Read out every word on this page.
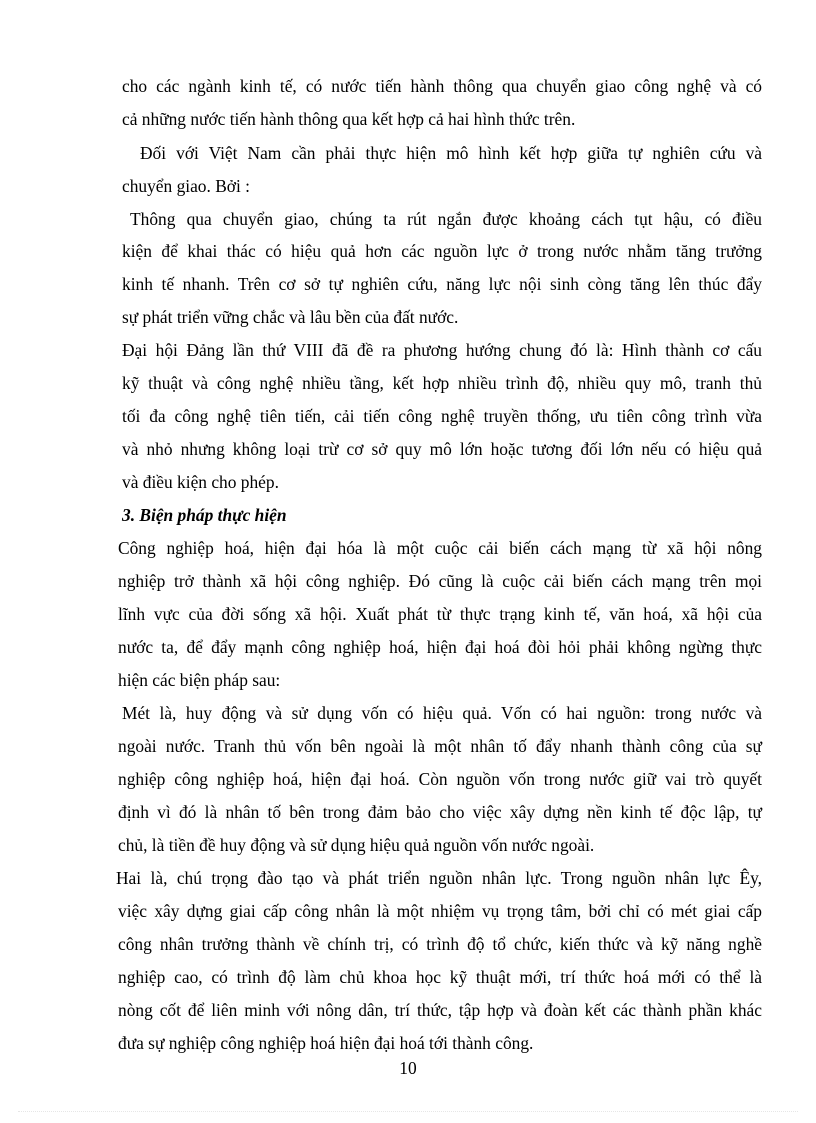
cho các ngành kinh tế, có nước tiến hành thông qua chuyển giao công nghệ và có
cả những nước tiến hành thông qua kết hợp cả hai hình thức trên.
Đối với Việt Nam cần phải thực hiện mô hình kết hợp giữa tự nghiên cứu và
chuyển giao. Bởi :
Thông qua chuyển giao, chúng ta rút ngắn được khoảng cách tụt hậu, có điều
kiện để khai thác có hiệu quả hơn các nguồn lực ở trong nước nhằm tăng trưởng
kinh tế nhanh. Trên cơ sở tự nghiên cứu, năng lực nội sinh còng tăng lên thúc đẩy
sự phát triển vững chắc và lâu bền của đất nước.
Đại hội Đảng lần thứ VIII đã đề ra phương hướng chung đó là: Hình thành cơ cấu
kỹ thuật và công nghệ nhiều tầng, kết hợp nhiều trình độ, nhiều quy mô, tranh thủ
tối đa công nghệ tiên tiến, cải tiến công nghệ truyền thống, ưu tiên công trình vừa
và nhỏ nhưng không loại trừ cơ sở quy mô lớn hoặc tương đối lớn nếu có hiệu quả
và điều kiện cho phép.
3. Biện pháp thực hiện
Công nghiệp hoá, hiện đại hóa là một cuộc cải biến cách mạng từ xã hội nông
nghiệp trở thành xã hội công nghiệp. Đó cũng là cuộc cải biến cách mạng trên mọi
lĩnh vực của đời sống xã hội. Xuất phát từ thực trạng kinh tế, văn hoá, xã hội của
nước ta, để đẩy mạnh công nghiệp hoá, hiện đại hoá đòi hỏi phải không ngừng thực
hiện các biện pháp sau:
Mét là, huy động và sử dụng vốn có hiệu quả. Vốn có hai nguồn: trong nước và
ngoài nước. Tranh thủ vốn bên ngoài là một nhân tố đẩy nhanh thành công của sự
nghiệp công nghiệp hoá, hiện đại hoá. Còn nguồn vốn trong nước giữ vai trò quyết
định vì đó là nhân tố bên trong đảm bảo cho việc xây dựng nền kinh tế độc lập, tự
chủ, là tiền đề huy động và sử dụng hiệu quả nguồn vốn nước ngoài.
Hai là, chú trọng đào tạo và phát triển nguồn nhân lực. Trong nguồn nhân lực Êy,
việc xây dựng giai cấp công nhân là một nhiệm vụ trọng tâm, bởi chỉ có mét giai cấp
công nhân trưởng thành về chính trị, có trình độ tổ chức, kiến thức và kỹ năng nghề
nghiệp cao, có trình độ làm chủ khoa học kỹ thuật mới, trí thức hoá mới có thể là
nòng cốt để liên minh với nông dân, trí thức, tập hợp và đoàn kết các thành phần khác
đưa sự nghiệp công nghiệp hoá hiện đại hoá tới thành công.
10
